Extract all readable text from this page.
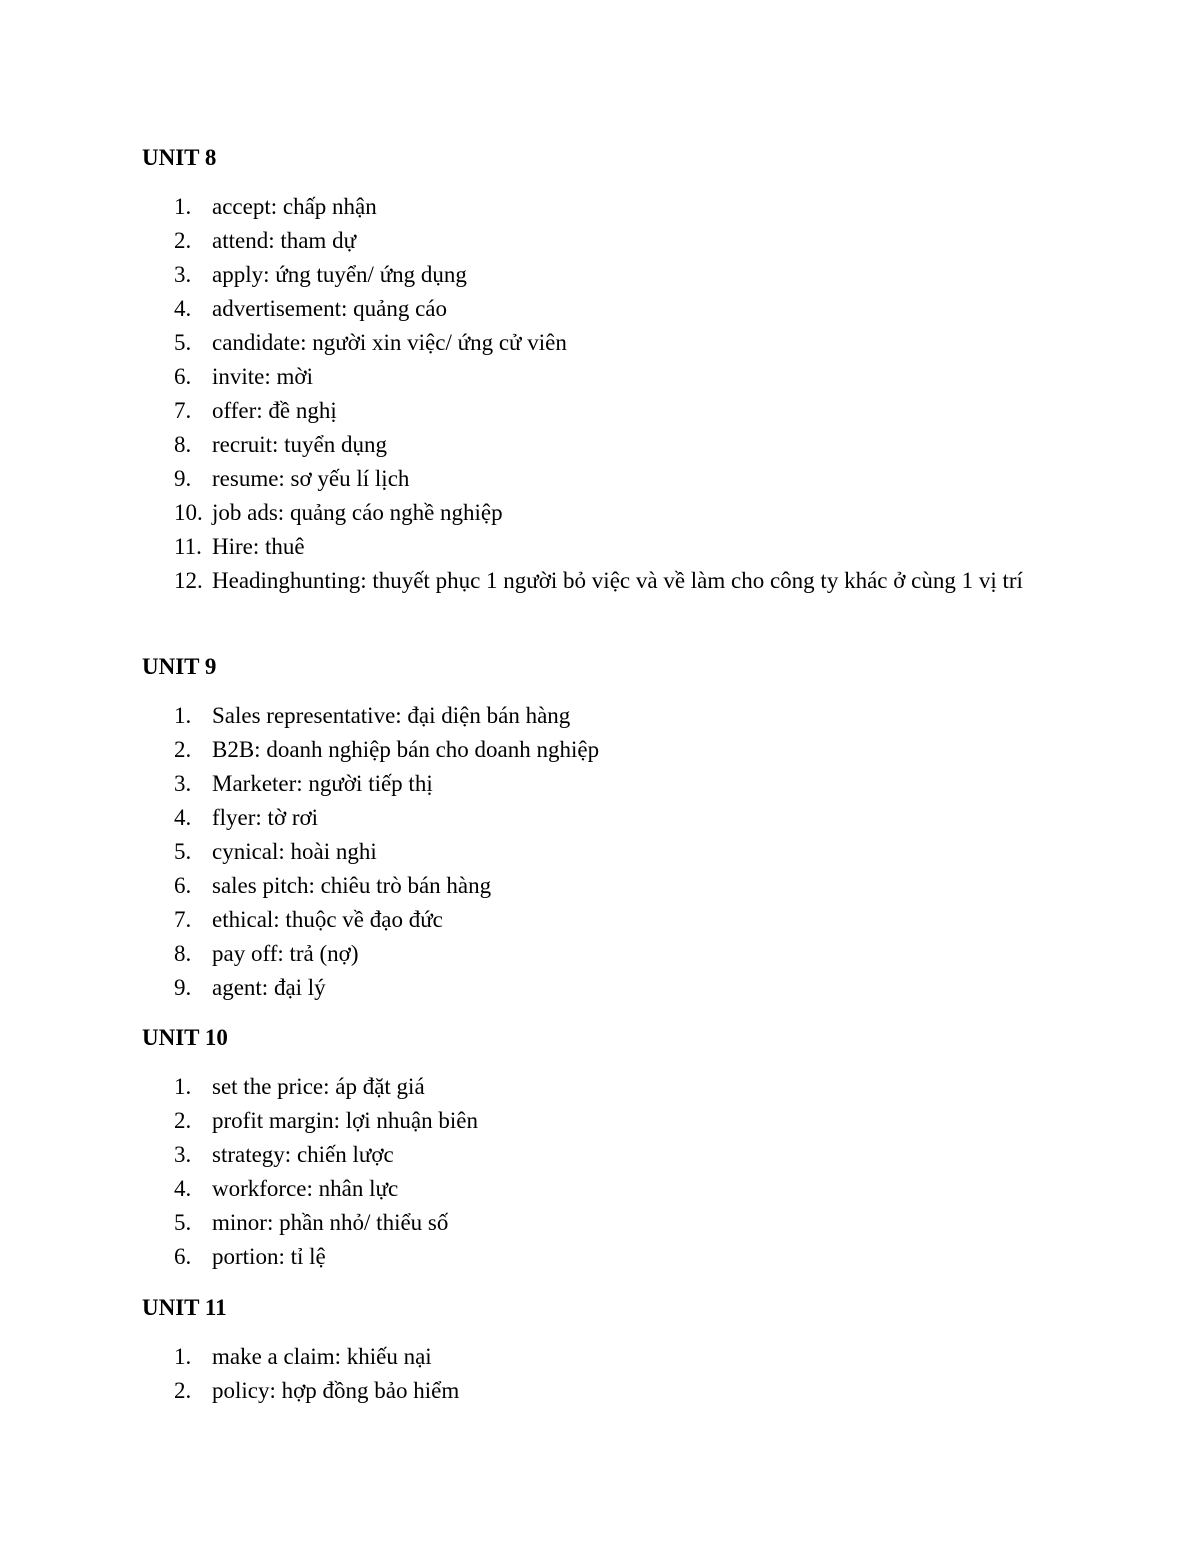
UNIT 8
1. accept: chấp nhận
2. attend: tham dự
3. apply: ứng tuyển/ ứng dụng
4. advertisement: quảng cáo
5. candidate: người xin việc/ ứng cử viên
6. invite: mời
7. offer: đề nghị
8. recruit: tuyển dụng
9. resume: sơ yếu lí lịch
10. job ads: quảng cáo nghề nghiệp
11. Hire: thuê
12. Headinghunting: thuyết phục 1 người bỏ việc và về làm cho công ty khác ở cùng 1 vị trí
UNIT 9
1. Sales representative: đại diện bán hàng
2. B2B: doanh nghiệp bán cho doanh nghiệp
3. Marketer: người tiếp thị
4. flyer: tờ rơi
5. cynical: hoài nghi
6. sales pitch: chiêu trò bán hàng
7. ethical: thuộc về đạo đức
8. pay off: trả (nợ)
9. agent: đại lý
UNIT 10
1. set the price: áp đặt giá
2. profit margin: lợi nhuận biên
3. strategy: chiến lược
4. workforce: nhân lực
5. minor: phần nhỏ/ thiểu số
6. portion: tỉ lệ
UNIT 11
1. make a claim: khiếu nại
2. policy: hợp đồng bảo hiểm
